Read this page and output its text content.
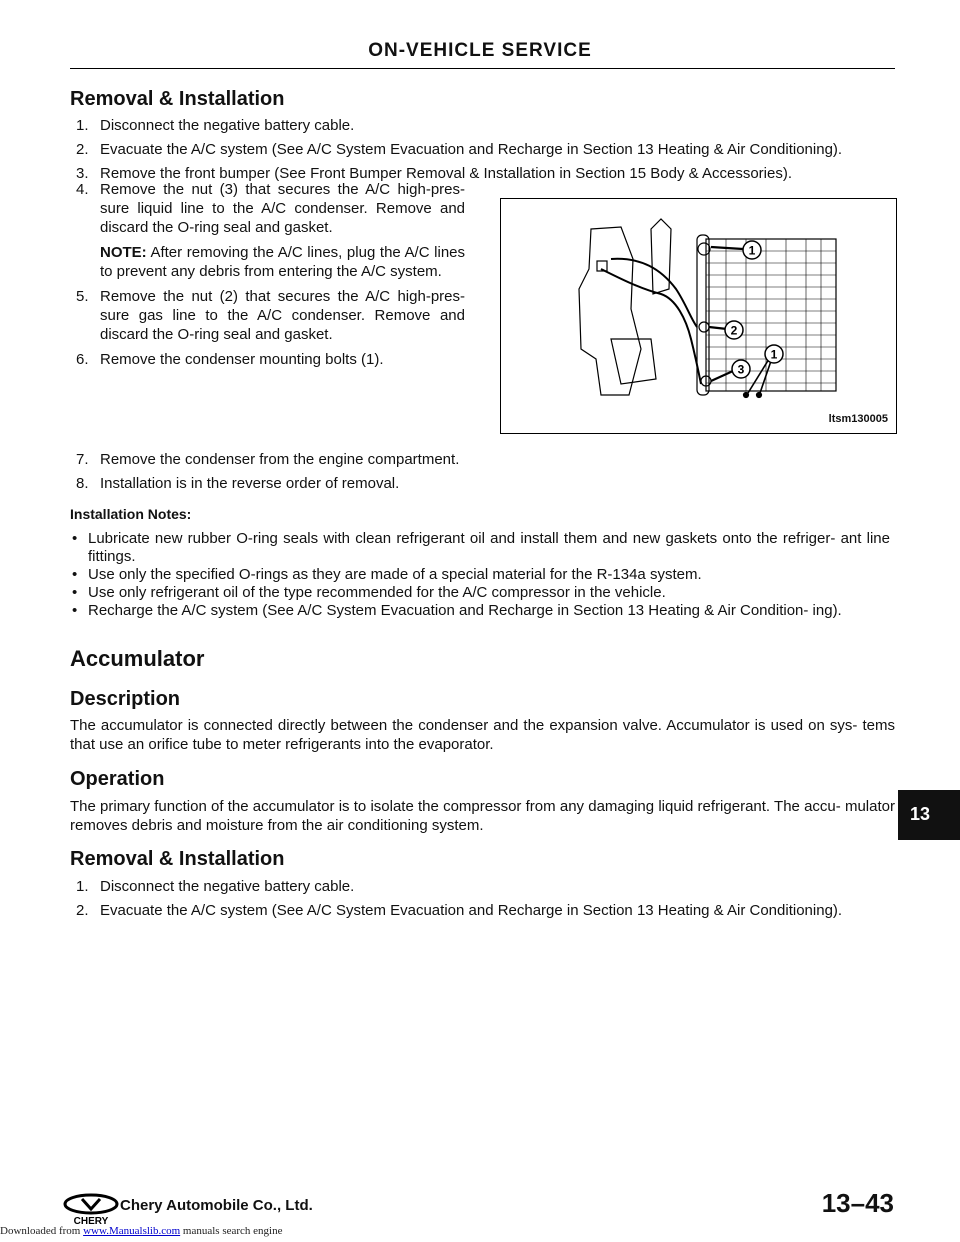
ON-VEHICLE SERVICE
Removal & Installation
1. Disconnect the negative battery cable.
2. Evacuate the A/C system (See A/C System Evacuation and Recharge in Section 13 Heating & Air Conditioning).
3. Remove the front bumper (See Front Bumper Removal & Installation in Section 15 Body & Accessories).
4. Remove the nut (3) that secures the A/C high-pres- sure liquid line to the A/C condenser. Remove and discard the O-ring seal and gasket.
NOTE: After removing the A/C lines, plug the A/C lines to prevent any debris from entering the A/C system.
5. Remove the nut (2) that secures the A/C high-pres- sure gas line to the A/C condenser. Remove and discard the O-ring seal and gasket.
6. Remove the condenser mounting bolts (1).
1
2
1
3
ltsm130005
7. Remove the condenser from the engine compartment.
8. Installation is in the reverse order of removal.
Installation Notes:
• Lubricate new rubber O-ring seals with clean refrigerant oil and install them and new gaskets onto the refriger- ant line fittings.
• Use only the specified O-rings as they are made of a special material for the R-134a system.
• Use only refrigerant oil of the type recommended for the A/C compressor in the vehicle.
• Recharge the A/C system (See A/C System Evacuation and Recharge in Section 13 Heating & Air Condition- ing).
Accumulator
Description

The accumulator is connected directly between the condenser and the expansion valve. Accumulator is used on sys- tems that use an orifice tube to meter refrigerants into the evaporator.

Operation

The primary function of the accumulator is to isolate the compressor from any damaging liquid refrigerant. The accu- mulator removes debris and moisture from the air conditioning system.

Removal & Installation
1. Disconnect the negative battery cable.
2. Evacuate the A/C system (See A/C System Evacuation and Recharge in Section 13 Heating & Air Conditioning).
13
CHERY
Chery Automobile Co., Ltd.	13–43
Downloaded from www.Manualslib.com manuals search engine
